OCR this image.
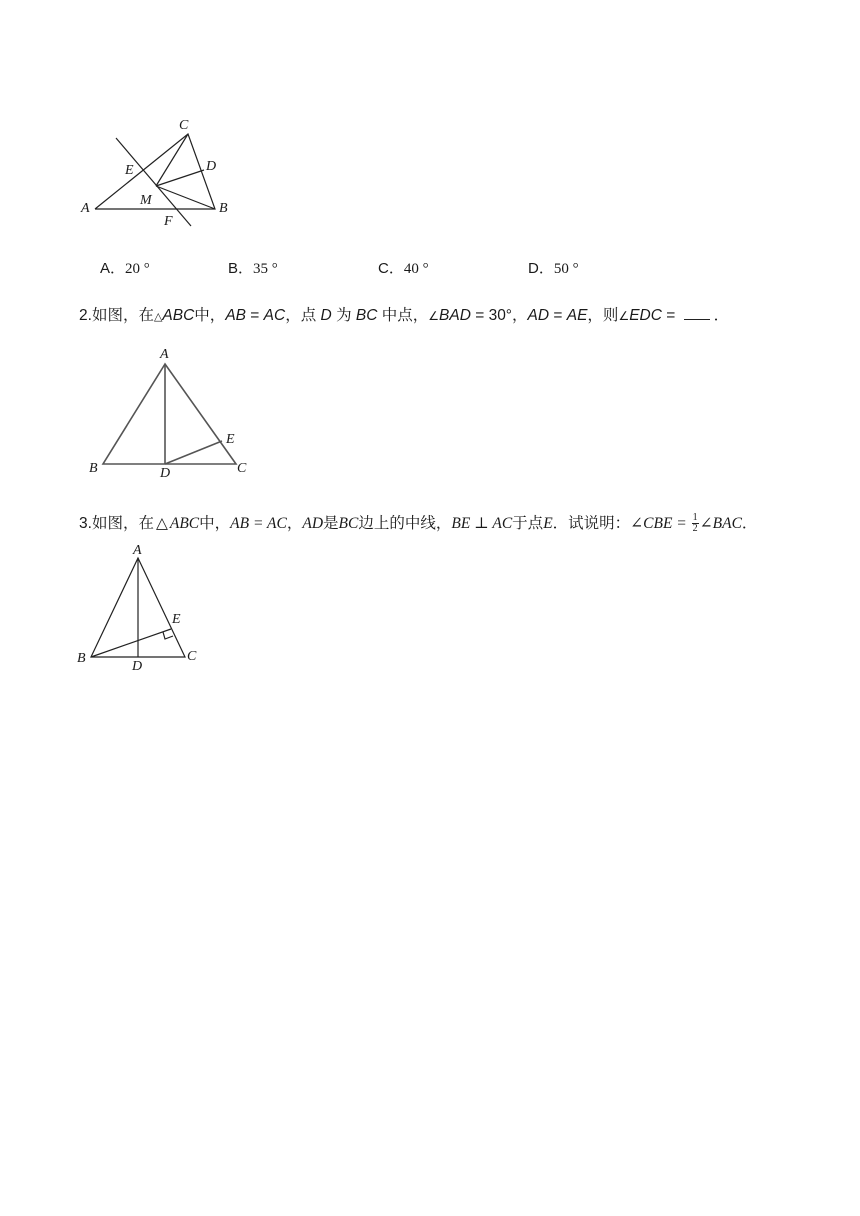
C
D
E
A
M
B
F
A．20 °	B．35 °	C．40 °	D．50 °
2.如图，在△ABC中，AB = AC，点 D 为 BC 中点，∠BAD = 30°，AD = AE，则∠EDC = ．
A
B	D	C
E
3.如图，在 △ ABC中，AB = AC，AD是BC边上的中线，BE ⊥ AC于点E．试说明：∠CBE = $\frac{1}{2}$ ∠BAC．
A
B
D
C
E
